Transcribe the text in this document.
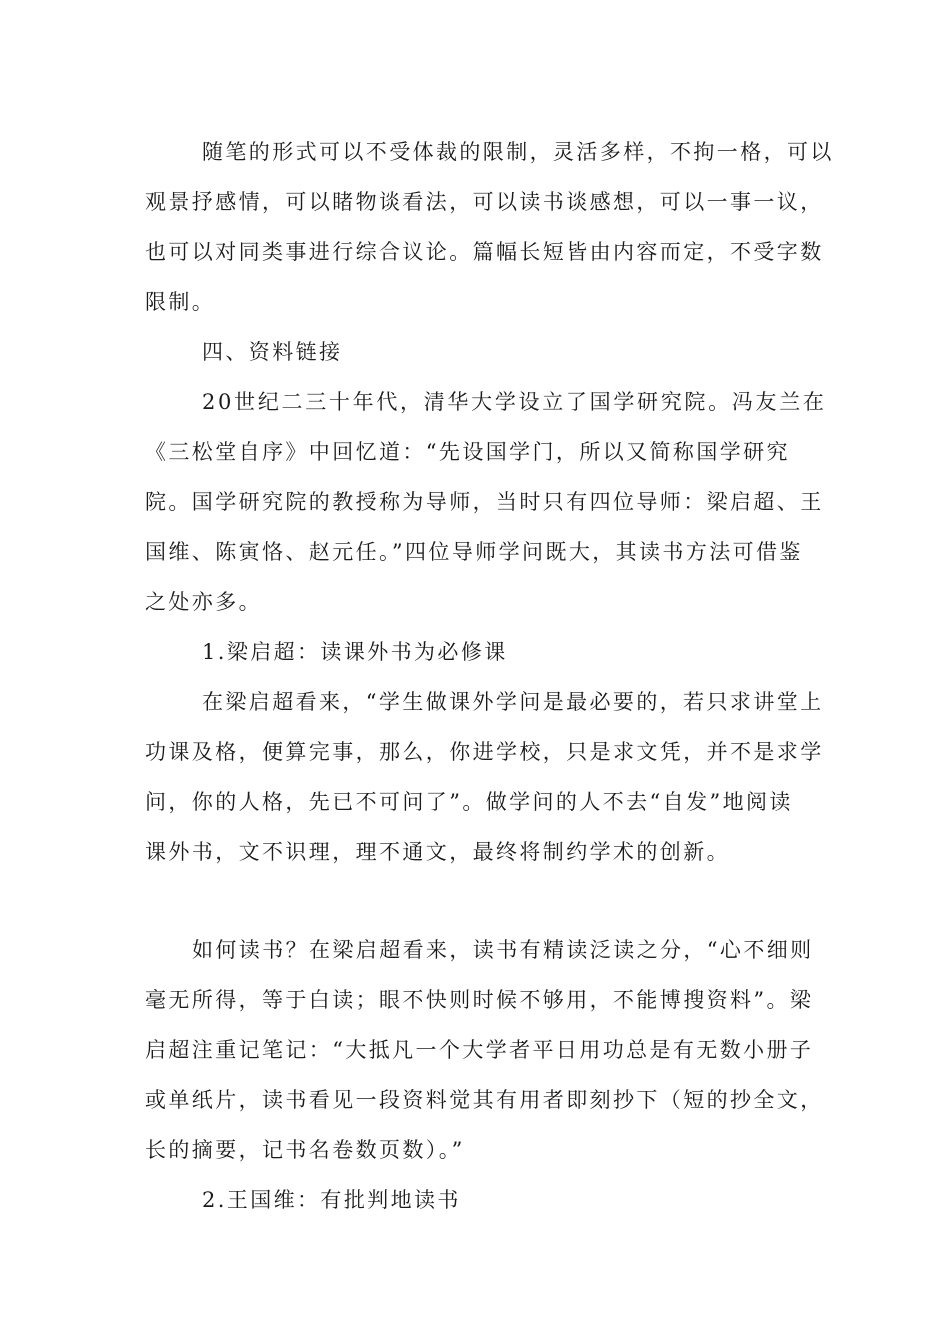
随笔的形式可以不受体裁的限制，灵活多样，不拘一格，可以
观景抒感情，可以睹物谈看法，可以读书谈感想，可以一事一议，
也可以对同类事进行综合议论。篇幅长短皆由内容而定，不受字数
限制。
四、资料链接
20世纪二三十年代，清华大学设立了国学研究院。冯友兰在
《三松堂自序》中回忆道：“先设国学门，所以又简称国学研究
院。国学研究院的教授称为导师，当时只有四位导师：梁启超、王
国维、陈寅恪、赵元任。”四位导师学问既大，其读书方法可借鉴
之处亦多。
1.梁启超：读课外书为必修课
在梁启超看来，“学生做课外学问是最必要的，若只求讲堂上
功课及格，便算完事，那么，你进学校，只是求文凭，并不是求学
问，你的人格，先已不可问了”。做学问的人不去“自发”地阅读
课外书，文不识理，理不通文，最终将制约学术的创新。
如何读书？在梁启超看来，读书有精读泛读之分，“心不细则
毫无所得，等于白读；眼不快则时候不够用，不能博搜资料”。梁
启超注重记笔记：“大抵凡一个大学者平日用功总是有无数小册子
或单纸片，读书看见一段资料觉其有用者即刻抄下（短的抄全文，
长的摘要，记书名卷数页数）。”
2.王国维：有批判地读书
